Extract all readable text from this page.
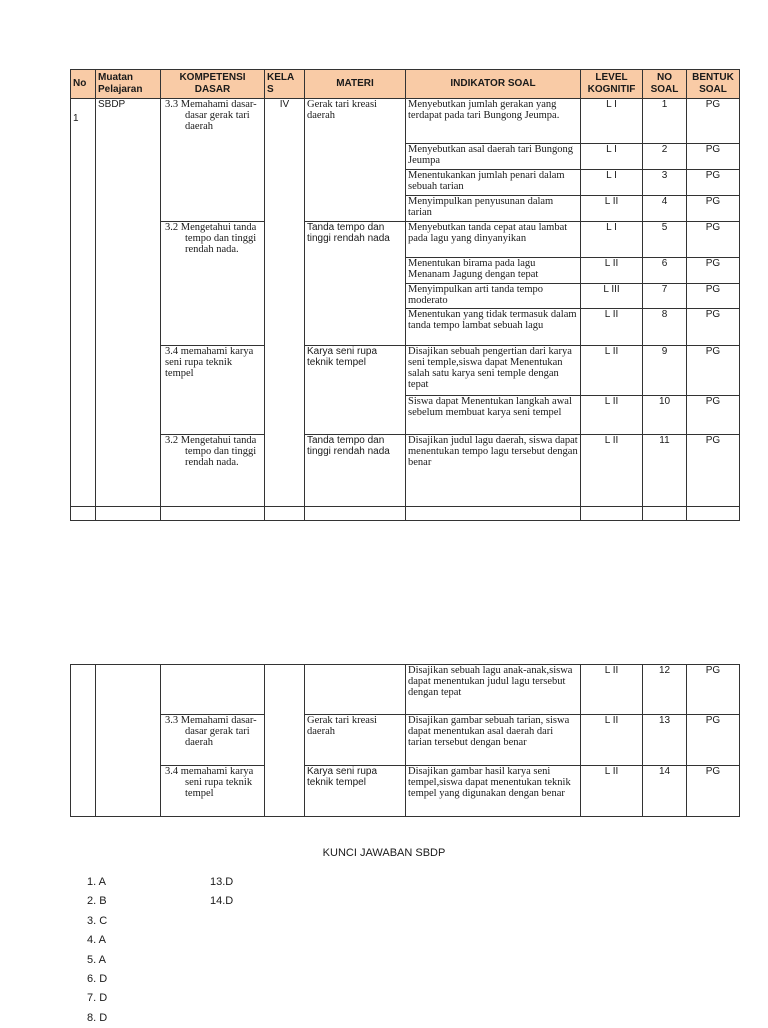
No	Muatan Pelajaran	KOMPETENSI DASAR	KELA S	MATERI	INDIKATOR SOAL	LEVEL KOGNITIF	NO SOAL	BENTUK SOAL
1	SBDP	3.3 Memahami dasar-dasar gerak tari daerah	IV	Gerak tari kreasi daerah	Menyebutkan jumlah gerakan yang terdapat pada tari Bungong Jeumpa.	L I	1	PG
					Menyebutkan asal daerah tari Bungong Jeumpa	L I	2	PG
					Menentukankan jumlah penari dalam sebuah tarian	L I	3	PG
					Menyimpulkan penyusunan dalam tarian	L II	4	PG
		3.2 Mengetahui tanda tempo dan tinggi rendah nada.		Tanda tempo dan tinggi rendah nada	Menyebutkan tanda cepat atau lambat pada lagu yang dinyanyikan	L I	5	PG
					Menentukan birama pada lagu Menanam Jagung dengan tepat	L II	6	PG
					Menyimpulkan arti tanda tempo moderato	L III	7	PG
					Menentukan yang tidak termasuk dalam tanda tempo lambat sebuah lagu	L II	8	PG
		3.4 memahami karya seni rupa teknik tempel		Karya seni rupa teknik tempel	Disajikan sebuah pengertian dari karya seni temple,siswa dapat Menentukan salah satu karya seni temple dengan tepat	L II	9	PG
					Siswa dapat Menentukan langkah awal sebelum membuat karya seni tempel	L II	10	PG
		3.2 Mengetahui tanda tempo dan tinggi rendah nada.		Tanda tempo dan tinggi rendah nada	Disajikan judul lagu daerah, siswa dapat menentukan tempo lagu tersebut dengan benar	L II	11	PG

					Disajikan sebuah lagu anak-anak,siswa dapat menentukan judul lagu tersebut dengan tepat	L II	12	PG
		3.3 Memahami dasar-dasar gerak tari daerah		Gerak tari kreasi daerah	Disajikan gambar sebuah tarian, siswa dapat menentukan asal daerah dari tarian tersebut dengan benar	L II	13	PG
		3.4 memahami karya seni rupa teknik tempel		Karya seni rupa teknik tempel	Disajikan gambar hasil karya seni tempel,siswa dapat menentukan teknik tempel yang digunakan dengan benar	L II	14	PG
KUNCI JAWABAN SBDP
1. A
2. B
3. C
4. A
5. A
6. D
7. D
8. D
13.D
14.D
